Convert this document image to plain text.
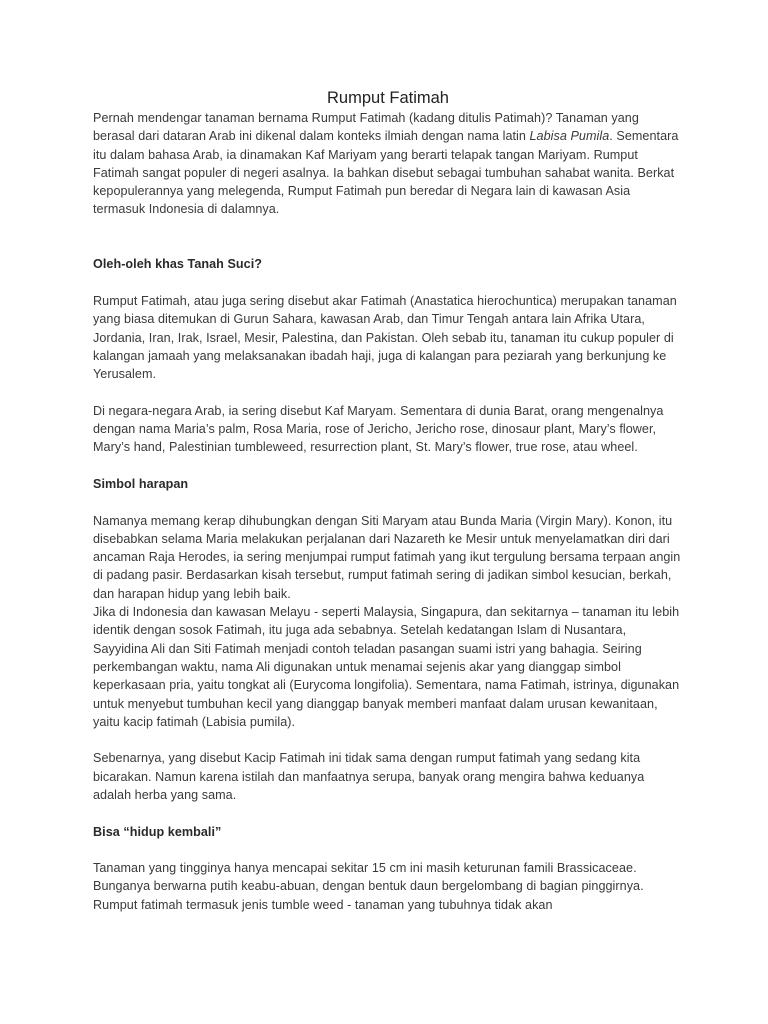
Rumput Fatimah

Pernah mendengar tanaman bernama Rumput Fatimah (kadang ditulis Patimah)? Tanaman yang berasal dari dataran Arab ini dikenal dalam konteks ilmiah dengan nama latin Labisa Pumila. Sementara itu dalam bahasa Arab, ia dinamakan Kaf Mariyam yang berarti telapak tangan Mariyam. Rumput Fatimah sangat populer di negeri asalnya. Ia bahkan disebut sebagai tumbuhan sahabat wanita. Berkat kepopulerannya yang melegenda, Rumput Fatimah pun beredar di Negara lain di kawasan Asia termasuk Indonesia di dalamnya.

Oleh-oleh khas Tanah Suci?

Rumput Fatimah, atau juga sering disebut akar Fatimah (Anastatica hierochuntica) merupakan tanaman yang biasa ditemukan di Gurun Sahara, kawasan Arab, dan Timur Tengah antara lain Afrika Utara, Jordania, Iran, Irak, Israel, Mesir, Palestina, dan Pakistan. Oleh sebab itu, tanaman itu cukup populer di kalangan jamaah yang melaksanakan ibadah haji, juga di kalangan para peziarah yang berkunjung ke Yerusalem.

Di negara-negara Arab, ia sering disebut Kaf Maryam. Sementara di dunia Barat, orang mengenalnya dengan nama Maria’s palm, Rosa Maria, rose of Jericho, Jericho rose, dinosaur plant, Mary’s flower, Mary’s hand, Palestinian tumbleweed, resurrection plant, St. Mary’s flower, true rose, atau wheel.

Simbol harapan

Namanya memang kerap dihubungkan dengan Siti Maryam atau Bunda Maria (Virgin Mary). Konon, itu disebabkan selama Maria melakukan perjalanan dari Nazareth ke Mesir untuk menyelamatkan diri dari ancaman Raja Herodes, ia sering menjumpai rumput fatimah yang ikut tergulung bersama terpaan angin di padang pasir. Berdasarkan kisah tersebut, rumput fatimah sering di jadikan simbol kesucian, berkah, dan harapan hidup yang lebih baik.

Jika di Indonesia dan kawasan Melayu - seperti Malaysia, Singapura, dan sekitarnya – tanaman itu lebih identik dengan sosok Fatimah, itu juga ada sebabnya. Setelah kedatangan Islam di Nusantara, Sayyidina Ali dan Siti Fatimah menjadi contoh teladan pasangan suami istri yang bahagia. Seiring perkembangan waktu, nama Ali digunakan untuk menamai sejenis akar yang dianggap simbol keperkasaan pria, yaitu tongkat ali (Eurycoma longifolia). Sementara, nama Fatimah, istrinya, digunakan untuk menyebut tumbuhan kecil yang dianggap banyak memberi manfaat dalam urusan kewanitaan, yaitu kacip fatimah (Labisia pumila).

Sebenarnya, yang disebut Kacip Fatimah ini tidak sama dengan rumput fatimah yang sedang kita bicarakan. Namun karena istilah dan manfaatnya serupa, banyak orang mengira bahwa keduanya adalah herba yang sama.

Bisa “hidup kembali”

Tanaman yang tingginya hanya mencapai sekitar 15 cm ini masih keturunan famili Brassicaceae. Bunganya berwarna putih keabu-abuan, dengan bentuk daun bergelombang di bagian pinggirnya. Rumput fatimah termasuk jenis tumble weed - tanaman yang tubuhnya tidak akan
